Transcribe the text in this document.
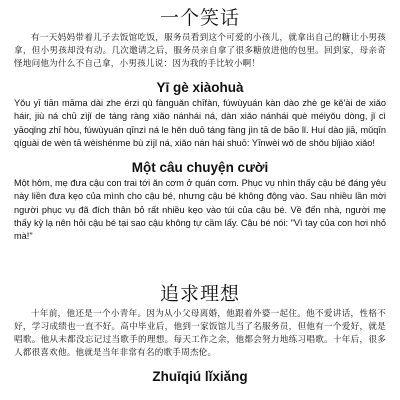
一个笑话

有一天妈妈带着儿子去饭馆吃饭，服务员看到这个可爱的小孩儿，就拿出自己的糖让小男孩拿，但小男孩却没有动。几次邀请之后，服务员亲自拿了很多糖放进他的包里。回到家，母亲奇怪地问他为什么不自己拿，小男孩儿说：因为我的手比较小啊！

Yī gè xiàohuà

Yǒu yī tiān māma dài zhe érzi qù fànguǎn chīfàn, fúwùyuán kàn dào zhè ge kě'ài de xiǎo háir, jiù ná chū zìjǐ de táng ràng xiǎo nánhái ná, dàn xiǎo nánhái què méiyǒu dòng, jǐ cì yāoqǐng zhī hòu, fúwùyuán qīnzì ná le hěn duō táng fàng jìn tā de bāo lǐ. Huí dào jiā, mǔqīn qíguài de wèn tā wèishénme bù zìjǐ ná, xiǎo nán hái shuō: Yīnwèi wǒ de shǒu bǐjiào xiǎo!

Một câu chuyện cười

Một hôm, mẹ đưa cậu con trai tới ăn cơm ở quán cơm. Phục vụ nhìn thấy cậu bé đáng yêu này liền đưa kẹo của mình cho cậu bé, nhưng cậu bé không động vào. Sau nhiều lần mời người phục vụ đã đích thân bỏ rất nhiều kẹo vào túi của cậu bé. Về đến nhà, người mẹ thấy kỳ lạ nên hỏi cậu bé tại sao cậu không tự cầm lấy. Cậu bé nói: "Vì tay của con hơi nhỏ mà!"

追求理想

十年前，他还是一个小青年。因为从小父母离婚，他跟着外婆一起住。他不爱讲话，性格不好，学习成绩也一直不好。高中毕业后，他到一家饭馆儿当了名服务员，但他有一个爱好，就是唱歌。他从未都没忘记过当歌手的理想。每天工作之余，他都会努力地练习唱歌。十年后，很多人都很喜欢他。他就是当年非常有名的歌手周杰伦。

Zhuīqiú lǐxiǎng
